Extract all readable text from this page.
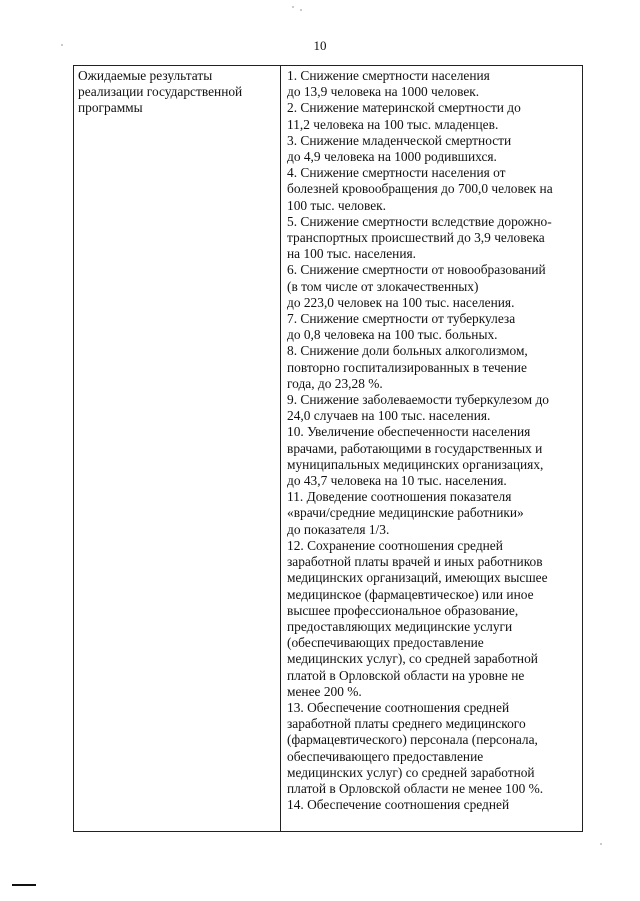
10
Ожидаемые результаты
реализации государственной
программы
1. Снижение смертности населения
до 13,9 человека на 1000 человек.
2. Снижение материнской смертности до
11,2 человека на 100 тыс. младенцев.
3. Снижение младенческой смертности
до 4,9 человека на 1000 родившихся.
4. Снижение смертности населения от
болезней кровообращения до 700,0 человек на
100 тыс. человек.
5. Снижение смертности вследствие дорожно-
транспортных происшествий до 3,9 человека
на 100 тыс. населения.
6. Снижение смертности от новообразований
(в том числе от злокачественных)
до 223,0 человек на 100 тыс. населения.
7. Снижение смертности от туберкулеза
до 0,8 человека на 100 тыс. больных.
8. Снижение доли больных алкоголизмом,
повторно госпитализированных в течение
года, до 23,28 %.
9. Снижение заболеваемости туберкулезом до
24,0 случаев на 100 тыс. населения.
10. Увеличение обеспеченности населения
врачами, работающими в государственных и
муниципальных медицинских организациях,
до 43,7 человека на 10 тыс. населения.
11. Доведение соотношения показателя
«врачи/средние медицинские работники»
до показателя 1/3.
12. Сохранение соотношения средней
заработной платы врачей и иных работников
медицинских организаций, имеющих высшее
медицинское (фармацевтическое) или иное
высшее профессиональное образование,
предоставляющих медицинские услуги
(обеспечивающих предоставление
медицинских услуг), со средней заработной
платой в Орловской области на уровне не
менее 200 %.
13. Обеспечение соотношения средней
заработной платы среднего медицинского
(фармацевтического) персонала (персонала,
обеспечивающего предоставление
медицинских услуг) со средней заработной
платой в Орловской области не менее 100 %.
14. Обеспечение соотношения средней
